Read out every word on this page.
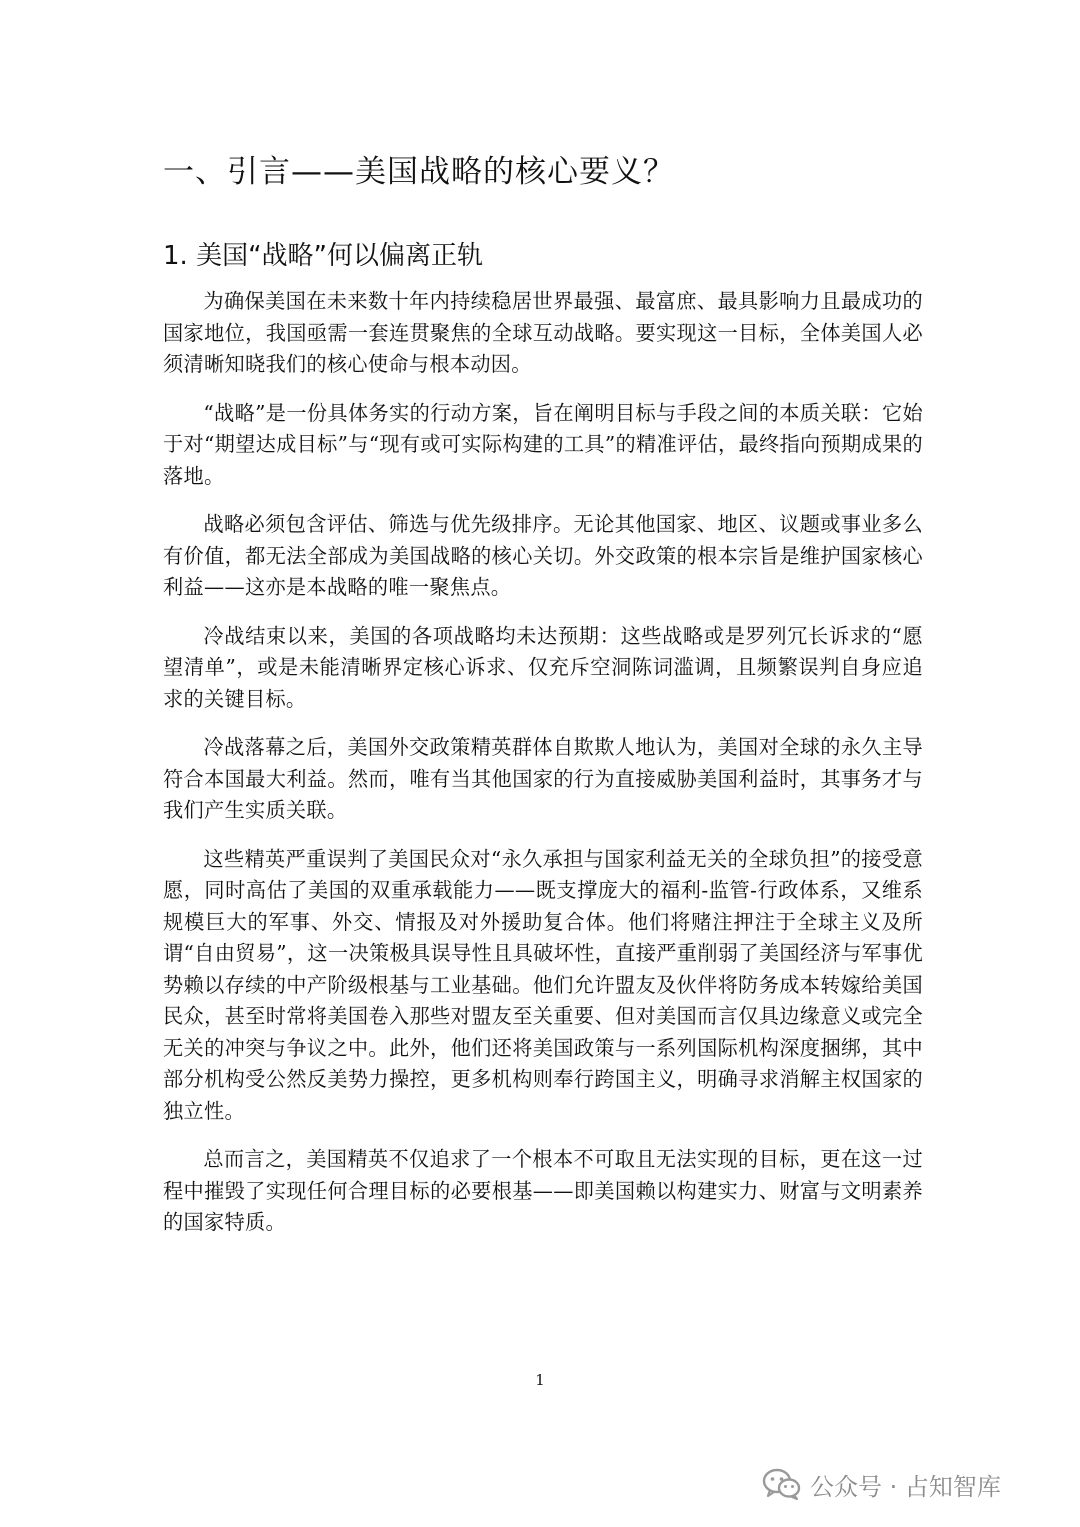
一、引言——美国战略的核心要义？
1. 美国“战略”何以偏离正轨

为确保美国在未来数十年内持续稳居世界最强、最富庶、最具影响力且最成功的国家地位，我国亟需一套连贯聚焦的全球互动战略。要实现这一目标，全体美国人必须清晰知晓我们的核心使命与根本动因。

“战略”是一份具体务实的行动方案，旨在阐明目标与手段之间的本质关联：它始于对“期望达成目标”与“现有或可实际构建的工具”的精准评估，最终指向预期成果的落地。

战略必须包含评估、筛选与优先级排序。无论其他国家、地区、议题或事业多么有价值，都无法全部成为美国战略的核心关切。外交政策的根本宗旨是维护国家核心利益——这亦是本战略的唯一聚焦点。

冷战结束以来，美国的各项战略均未达预期：这些战略或是罗列冗长诉求的“愿望清单”，或是未能清晰界定核心诉求、仅充斥空洞陈词滥调，且频繁误判自身应追求的关键目标。

冷战落幕之后，美国外交政策精英群体自欺欺人地认为，美国对全球的永久主导符合本国最大利益。然而，唯有当其他国家的行为直接威胁美国利益时，其事务才与我们产生实质关联。

这些精英严重误判了美国民众对“永久承担与国家利益无关的全球负担”的接受意愿，同时高估了美国的双重承载能力——既支撑庞大的福利-监管-行政体系，又维系规模巨大的军事、外交、情报及对外援助复合体。他们将赌注押注于全球主义及所谓“自由贸易”，这一决策极具误导性且具破坏性，直接严重削弱了美国经济与军事优势赖以存续的中产阶级根基与工业基础。他们允许盟友及伙伴将防务成本转嫁给美国民众，甚至时常将美国卷入那些对盟友至关重要、但对美国而言仅具边缘意义或完全无关的冲突与争议之中。此外，他们还将美国政策与一系列国际机构深度捆绑，其中部分机构受公然反美势力操控，更多机构则奉行跨国主义，明确寻求消解主权国家的独立性。

总而言之，美国精英不仅追求了一个根本不可取且无法实现的目标，更在这一过程中摧毁了实现任何合理目标的必要根基——即美国赖以构建实力、财富与文明素养的国家特质。

1
公众号 · 占知智库
